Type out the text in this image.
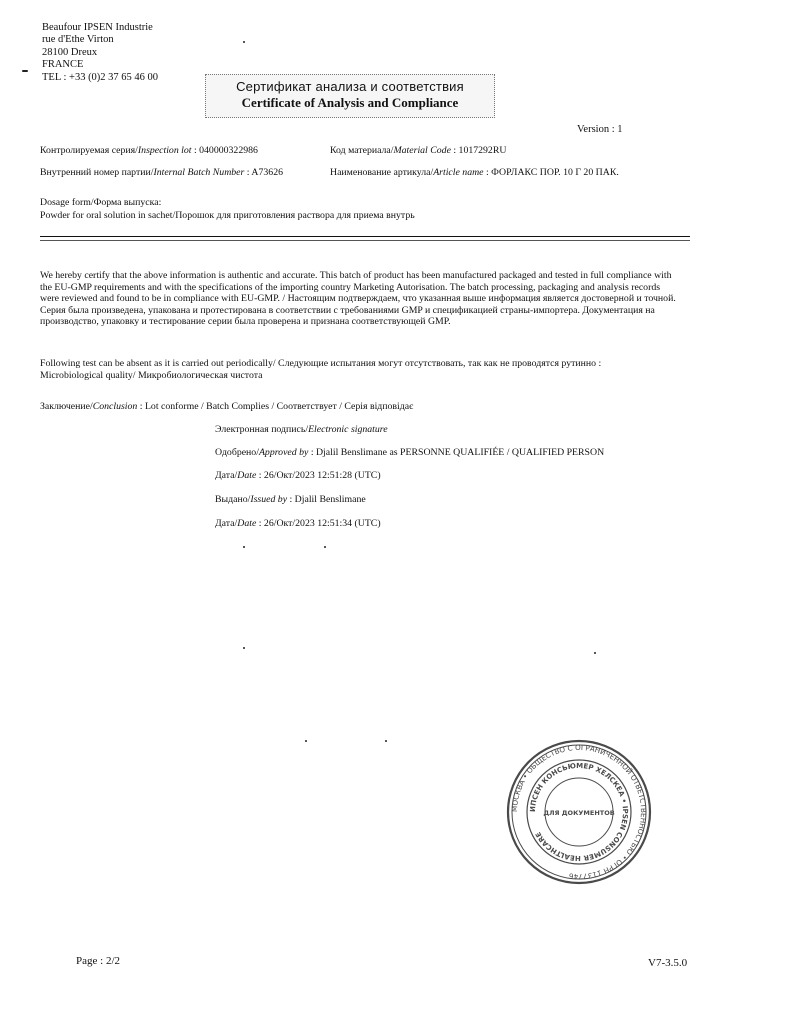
Beaufour IPSEN Industrie
rue d'Ethe Virton
28100 Dreux
FRANCE
TEL : +33 (0)2 37 65 46 00
Сертификат анализа и соответствия
Certificate of Analysis and Compliance
Version : 1
Контролируемая серия/Inspection lot : 040000322986	Код материала/Material Code : 1017292RU
Внутренний номер партии/Internal Batch Number : A73626	Наименование артикула/Article name : ФОРЛАКС ПОР. 10 Г 20 ПАК.
Dosage form/Форма выпуска:
Powder for oral solution in sachet/Порошок для приготовления раствора для приема внутрь
We hereby certify that the above information is authentic and accurate. This batch of product has been manufactured packaged and tested in full compliance with the EU-GMP requirements and with the specifications of the importing country Marketing Autorisation. The batch processing, packaging and analysis records were reviewed and found to be in compliance with EU-GMP. / Настоящим подтверждаем, что указанная выше информация является достоверной и точной. Серия была произведена, упакована и протестирована в соответствии с требованиями GMP и спецификацией страны-импортера. Документация на производство, упаковку и тестирование серии была проверена и признана соответствующей GMP.
Following test can be absent as it is carried out periodically/ Следующие испытания могут отсутствовать, так как не проводятся рутинно :
Microbiological quality/ Микробиологическая чистота
Заключение/Conclusion : Lot conforme / Batch Complies / Соответствует / Серія відповідає
Электронная подпись/Electronic signature
Одобрено/Approved by : Djalil Benslimane as PERSONNE QUALIFIÉE / QUALIFIED PERSON
Дата/Date : 26/Окт/2023 12:51:28 (UTC)
Выдано/Issued by : Djalil Benslimane
Дата/Date : 26/Окт/2023 12:51:34 (UTC)
МОСКВА • ОБЩЕСТВО С ОГРАНИЧЕННОЙ ОТВЕТСТВЕННОСТЬЮ • ОГРН 1137746
ИПСЕН КОНСЬЮМЕР ХЕЛСКЕА • IPSEN CONSUMER HEALTHCARE
ДЛЯ ДОКУМЕНТОВ
Page : 2/2	V7-3.5.0
